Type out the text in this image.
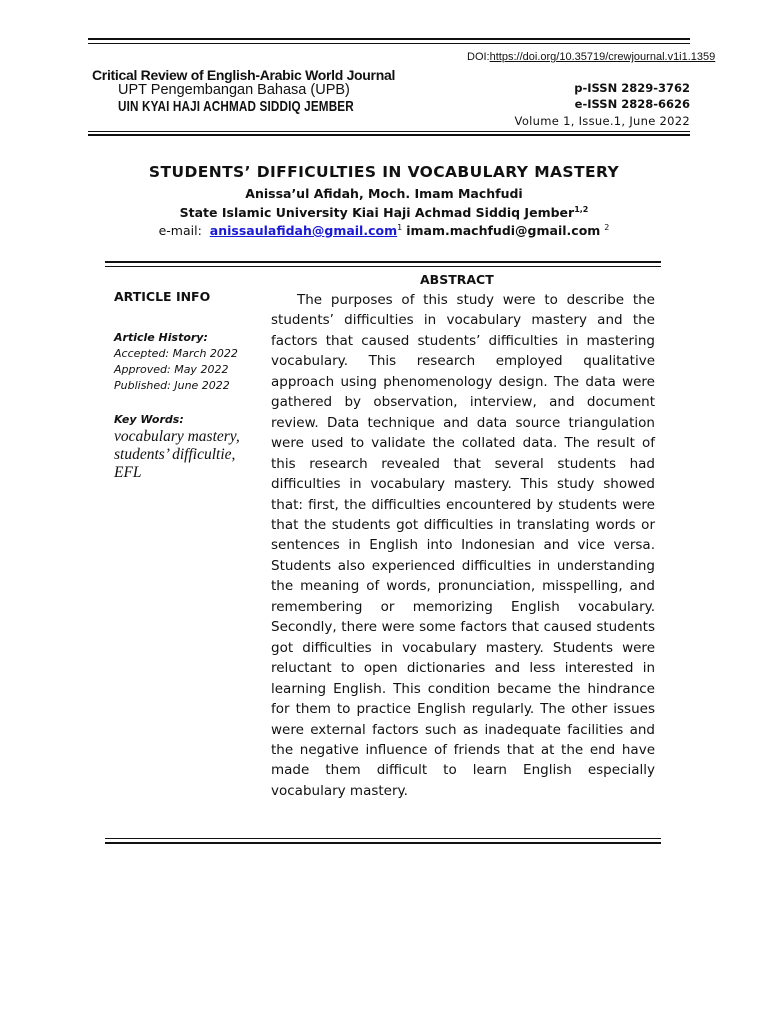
Critical Review of English-Arabic World Journal
UPT Pengembangan Bahasa (UPB)
UIN KYAI HAJI ACHMAD SIDDIQ JEMBER
DOI:https://doi.org/10.35719/crewjournal.v1i1.1359
p-ISSN 2829-3762
e-ISSN 2828-6626
Volume 1, Issue.1, June 2022
STUDENTS’ DIFFICULTIES IN VOCABULARY MASTERY
Anissa’ul Afidah, Moch. Imam Machfudi
State Islamic University Kiai Haji Achmad Siddiq Jember$^{1,2}$
e-mail: anissaulafidah@gmail.com$^1$ imam.machfudi@gmail.com $^2$
ABSTRACT
ARTICLE INFO
Article History:
Accepted: March 2022
Approved: May 2022
Published: June 2022
Key Words:
vocabulary mastery, students’ difficultie, EFL

The purposes of this study were to describe the students’ difficulties in vocabulary mastery and the factors that caused students’ difficulties in mastering vocabulary. This research employed qualitative approach using phenomenology design. The data were gathered by observation, interview, and document review. Data technique and data source triangulation were used to validate the collated data. The result of this research revealed that several students had difficulties in vocabulary mastery. This study showed that: first, the difficulties encountered by students were that the students got difficulties in translating words or sentences in English into Indonesian and vice versa. Students also experienced difficulties in understanding the meaning of words, pronunciation, misspelling, and remembering or memorizing English vocabulary. Secondly, there were some factors that caused students got difficulties in vocabulary mastery. Students were reluctant to open dictionaries and less interested in learning English. This condition became the hindrance for them to practice English regularly. The other issues were external factors such as inadequate facilities and the negative influence of friends that at the end have made them difficult to learn English especially vocabulary mastery.
